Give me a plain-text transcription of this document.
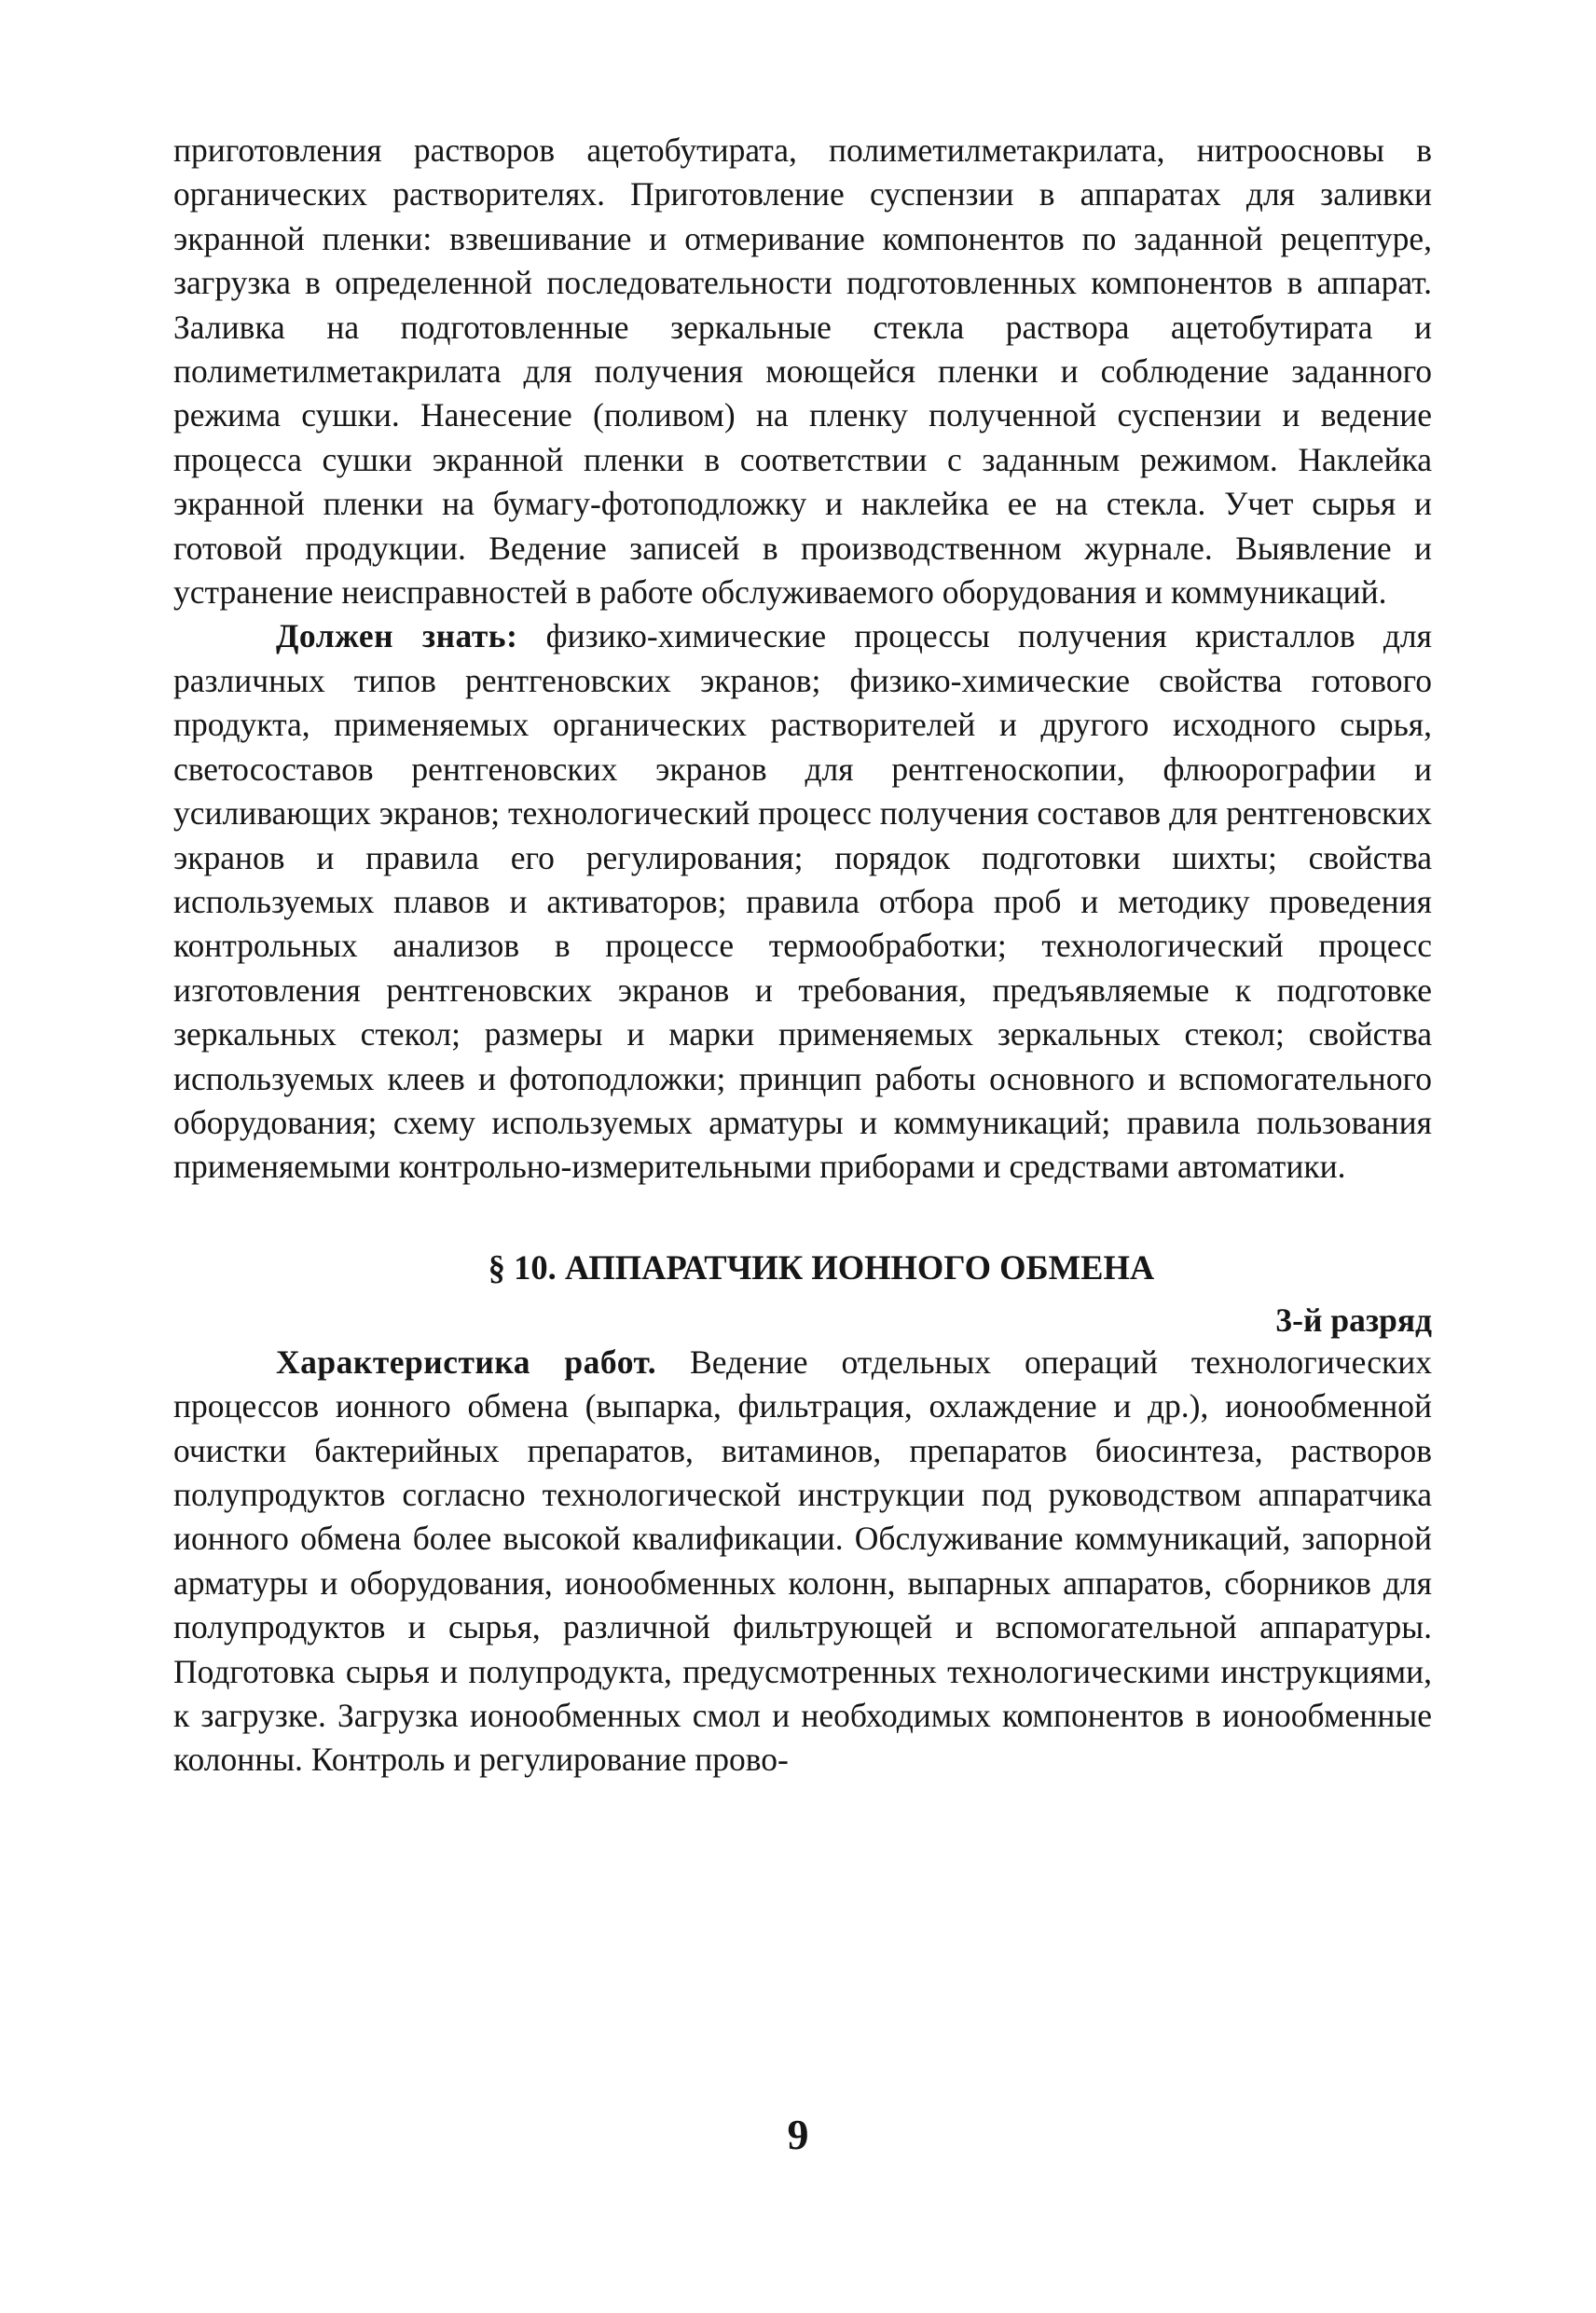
приготовления растворов ацетобутирата, полиметилметакрилата, нитроосновы в органических растворителях. Приготовление суспензии в аппаратах для заливки экранной пленки: взвешивание и отмеривание компонентов по заданной рецептуре, загрузка в определенной последовательности подготовленных компонентов в аппарат. Заливка на подготовленные зеркальные стекла раствора ацетобутирата и полиметилметакрилата для получения моющейся пленки и соблюдение заданного режима сушки. Нанесение (поливом) на пленку полученной суспензии и ведение процесса сушки экранной пленки в соответствии с заданным режимом. Наклейка экранной пленки на бумагу-фотоподложку и наклейка ее на стекла. Учет сырья и готовой продукции. Ведение записей в производственном журнале. Выявление и устранение неисправностей в работе обслуживаемого оборудования и коммуникаций.

Должен знать: физико-химические процессы получения кристаллов для различных типов рентгеновских экранов; физико-химические свойства готового продукта, применяемых органических растворителей и другого исходного сырья, светосоставов рентгеновских экранов для рентгеноскопии, флюорографии и усиливающих экранов; технологический процесс получения составов для рентгеновских экранов и правила его регулирования; порядок подготовки шихты; свойства используемых плавов и активаторов; правила отбора проб и методику проведения контрольных анализов в процессе термообработки; технологический процесс изготовления рентгеновских экранов и требования, предъявляемые к подготовке зеркальных стекол; размеры и марки применяемых зеркальных стекол; свойства используемых клеев и фотоподложки; принцип работы основного и вспомогательного оборудования; схему используемых арматуры и коммуникаций; правила пользования применяемыми контрольно-измерительными приборами и средствами автоматики.

§ 10. АППАРАТЧИК ИОННОГО ОБМЕНА
3-й разряд

Характеристика работ. Ведение отдельных операций технологических процессов ионного обмена (выпарка, фильтрация, охлаждение и др.), ионообменной очистки бактерийных препаратов, витаминов, препаратов биосинтеза, растворов полупродуктов согласно технологической инструкции под руководством аппаратчика ионного обмена более высокой квалификации. Обслуживание коммуникаций, запорной арматуры и оборудования, ионообменных колонн, выпарных аппаратов, сборников для полупродуктов и сырья, различной фильтрующей и вспомогательной аппаратуры. Подготовка сырья и полупродукта, предусмотренных технологическими инструкциями, к загрузке. Загрузка ионообменных смол и необходимых компонентов в ионообменные колонны. Контроль и регулирование прово-

9
